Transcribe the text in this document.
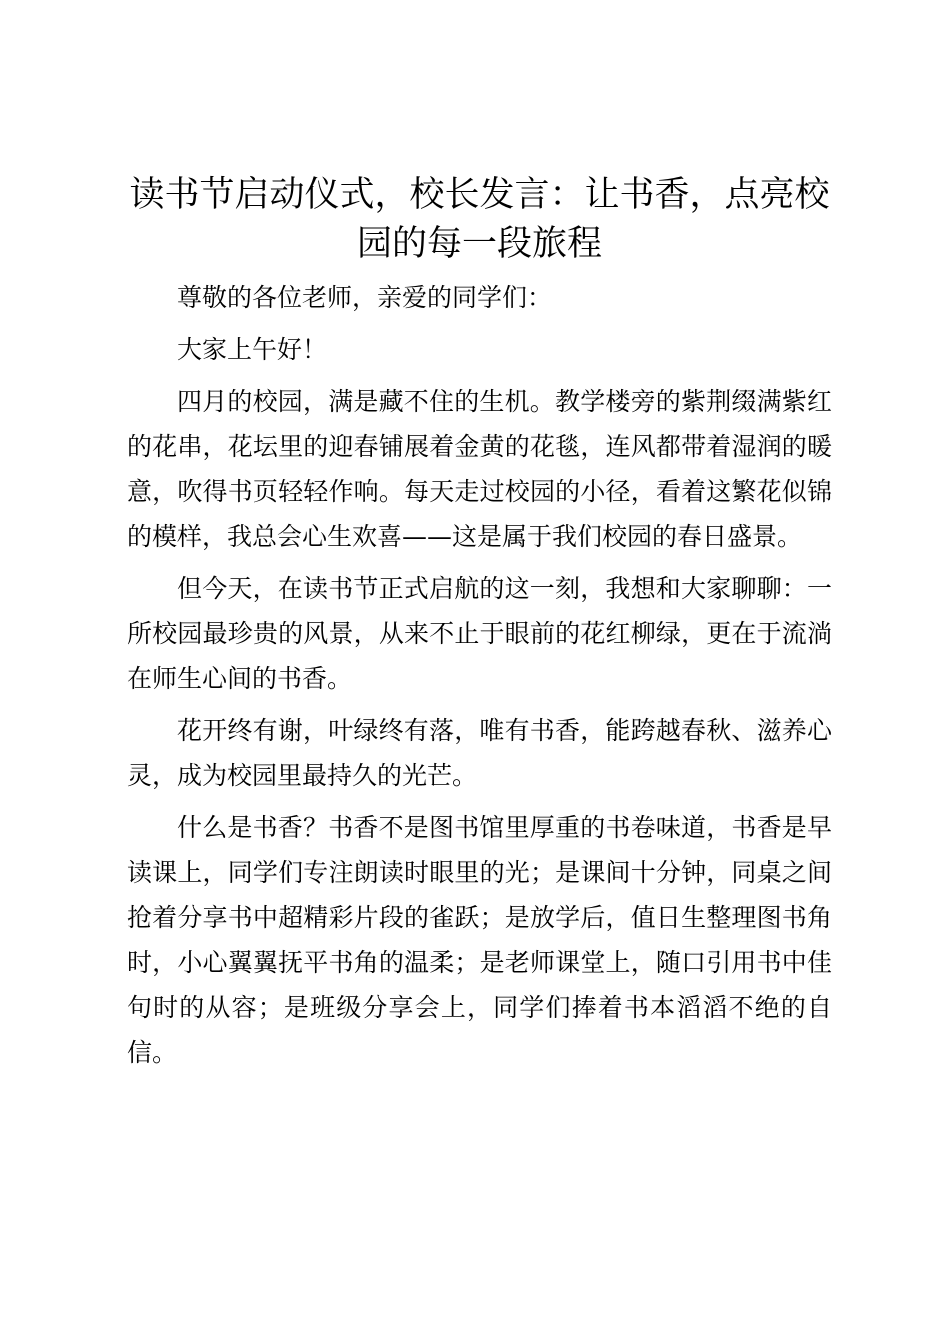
读书节启动仪式，校长发言：让书香，点亮校园的每一段旅程

尊敬的各位老师，亲爱的同学们：

大家上午好！

四月的校园，满是藏不住的生机。教学楼旁的紫荆缀满紫红的花串，花坛里的迎春铺展着金黄的花毯，连风都带着湿润的暖意，吹得书页轻轻作响。每天走过校园的小径，看着这繁花似锦的模样，我总会心生欢喜——这是属于我们校园的春日盛景。

但今天，在读书节正式启航的这一刻，我想和大家聊聊：一所校园最珍贵的风景，从来不止于眼前的花红柳绿，更在于流淌在师生心间的书香。

花开终有谢，叶绿终有落，唯有书香，能跨越春秋、滋养心灵，成为校园里最持久的光芒。

什么是书香？书香不是图书馆里厚重的书卷味道，书香是早读课上，同学们专注朗读时眼里的光；是课间十分钟，同桌之间抢着分享书中超精彩片段的雀跃；是放学后，值日生整理图书角时，小心翼翼抚平书角的温柔；是老师课堂上，随口引用书中佳句时的从容；是班级分享会上，同学们捧着书本滔滔不绝的自信。
